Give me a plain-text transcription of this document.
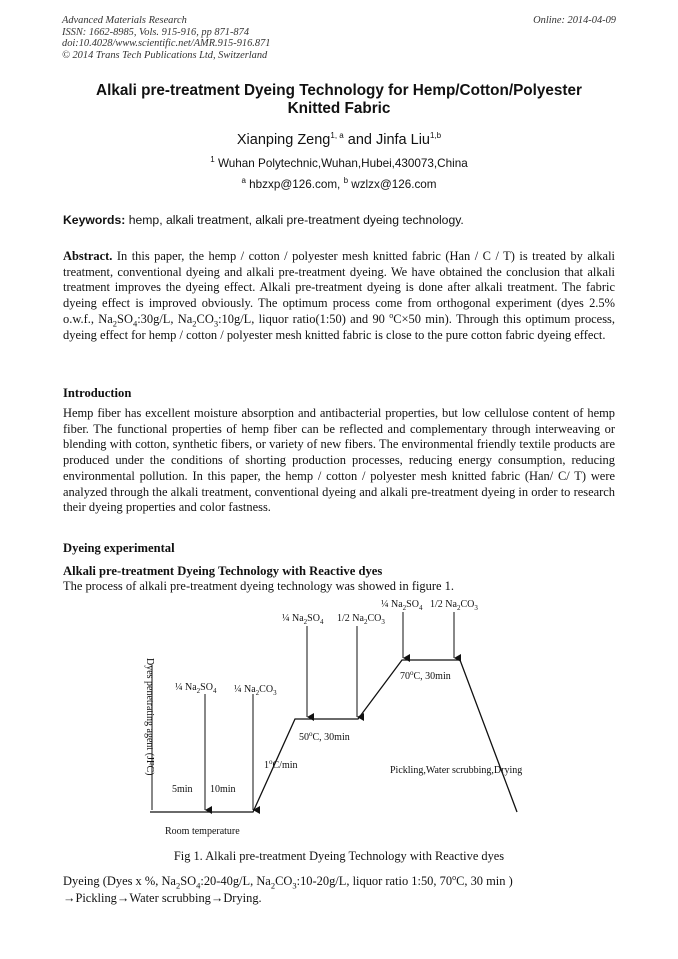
Advanced Materials Research
ISSN: 1662-8985, Vols. 915-916, pp 871-874
doi:10.4028/www.scientific.net/AMR.915-916.871
© 2014 Trans Tech Publications Ltd, Switzerland
Online: 2014-04-09
Alkali pre-treatment Dyeing Technology for Hemp/Cotton/Polyester
Knitted Fabric
Xianping Zeng$^{1, a}$ and Jinfa Liu$^{1,b}$
$^1$ Wuhan Polytechnic,Wuhan,Hubei,430073,China
$^a$ hbzxp@126.com, $^b$ wzlzx@126.com
Keywords: hemp, alkali treatment, alkali pre-treatment dyeing technology.

Abstract. In this paper, the hemp / cotton / polyester mesh knitted fabric (Han / C / T) is treated by alkali treatment, conventional dyeing and alkali pre-treatment dyeing. We have obtained the conclusion that alkali treatment improves the dyeing effect. Alkali pre-treatment dyeing is done after alkali treatment. The fabric dyeing effect is improved obviously. The optimum process come from orthogonal experiment (dyes 2.5% o.w.f., $Na_2SO_4:30g/L$, $Na_2CO_3:10g/L$, liquor ratio(1:50) and 90 $^o$C×50 min). Through this optimum process, dyeing effect for hemp / cotton / polyester mesh knitted fabric is close to the pure cotton fabric dyeing effect.

Introduction

Hemp fiber has excellent moisture absorption and antibacterial properties, but low cellulose content of hemp fiber. The functional properties of hemp fiber can be reflected and complementary through interweaving or blending with cotton, synthetic fibers, or variety of new fibers. The environmental friendly textile products are produced under the conditions of shorting production processes, reducing energy consumption, reducing environmental pollution. In this paper, the hemp / cotton / polyester mesh knitted fabric (Han/ C/ T) were analyzed through the alkali treatment, conventional dyeing and alkali pre-treatment dyeing in order to research their dyeing properties and color fastness.

Dyeing experimental
Alkali pre-treatment Dyeing Technology with Reactive dyes

The process of alkali pre-treatment dyeing technology was showed in figure 1.

¼ $Na_2SO_4$ 1/2 $Na_2CO_3$
¼ $Na_2SO_4$ 1/2 $Na_2CO_3$
¼ $Na_2SO_4$ ¼ $Na_2CO_3$
Dyes penetrating agent (JFC)
5min 10min
1$^o$C/min
50$^o$C, 30min
70$^o$C, 30min
Pickling,Water scrubbing,Drying
Room temperature
Fig 1. Alkali pre-treatment Dyeing Technology with Reactive dyes

Dyeing (Dyes x %, $Na_2SO_4:20-40g/L$, $Na_2CO_3:10-20g/L$, liquor ratio 1:50, 70$^o$C, 30 min )

→Pickling→Water scrubbing→Drying.
